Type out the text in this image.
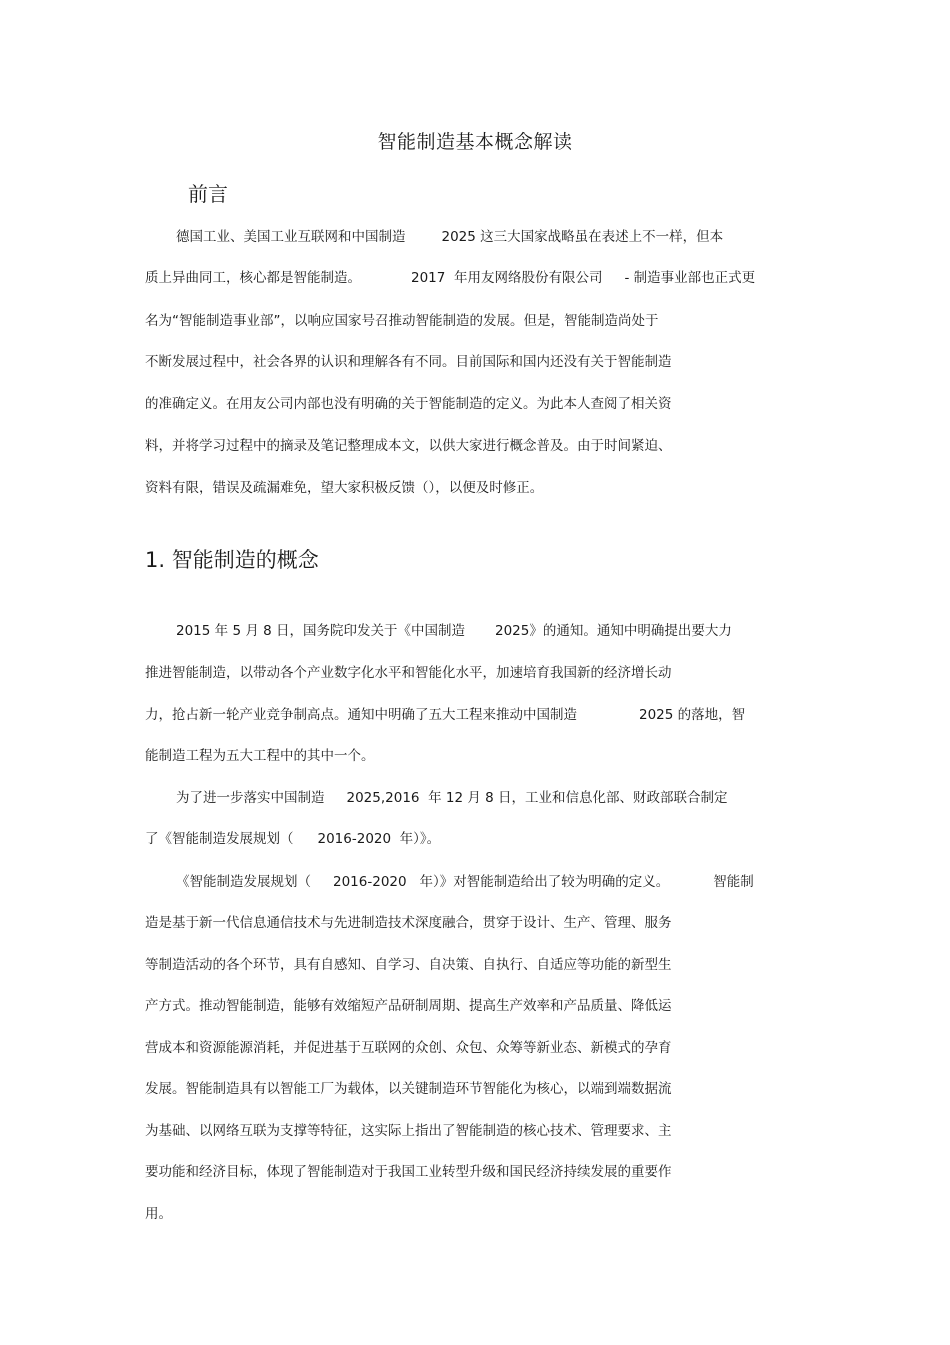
智能制造基本概念解读
前言
德国工业、美国工业互联网和中国制造	2025 这三大国家战略虽在表述上不一样，但本
质上异曲同工，核心都是智能制造。	2017  年用友网络股份有限公司 - 制造事业部也正式更
名为“智能制造事业部”，以响应国家号召推动智能制造的发展。但是，智能制造尚处于
不断发展过程中，社会各界的认识和理解各有不同。目前国际和国内还没有关于智能制造
的准确定义。在用友公司内部也没有明确的关于智能制造的定义。为此本人查阅了相关资
料，并将学习过程中的摘录及笔记整理成本文，以供大家进行概念普及。由于时间紧迫、
资料有限，错误及疏漏难免，望大家积极反馈（），以便及时修正。
1. 智能制造的概念
2015 年 5 月 8 日，国务院印发关于《中国制造 2025》的通知。通知中明确提出要大力
推进智能制造，以带动各个产业数字化水平和智能化水平，加速培育我国新的经济增长动
力，抢占新一轮产业竞争制高点。通知中明确了五大工程来推动中国制造	2025 的落地，智
能制造工程为五大工程中的其中一个。
为了进一步落实中国制造 2025,2016  年 12 月 8 日，工业和信息化部、财政部联合制定
了《智能制造发展规划（ 2016-2020  年）》。
《智能制造发展规划（ 2016-2020   年）》对智能制造给出了较为明确的定义。	智能制
造是基于新一代信息通信技术与先进制造技术深度融合，贯穿于设计、生产、管理、服务
等制造活动的各个环节，具有自感知、自学习、自决策、自执行、自适应等功能的新型生
产方式。推动智能制造，能够有效缩短产品研制周期、提高生产效率和产品质量、降低运
营成本和资源能源消耗，并促进基于互联网的众创、众包、众筹等新业态、新模式的孕育
发展。智能制造具有以智能工厂为载体，以关键制造环节智能化为核心，以端到端数据流
为基础、以网络互联为支撑等特征，这实际上指出了智能制造的核心技术、管理要求、主
要功能和经济目标，体现了智能制造对于我国工业转型升级和国民经济持续发展的重要作
用。
